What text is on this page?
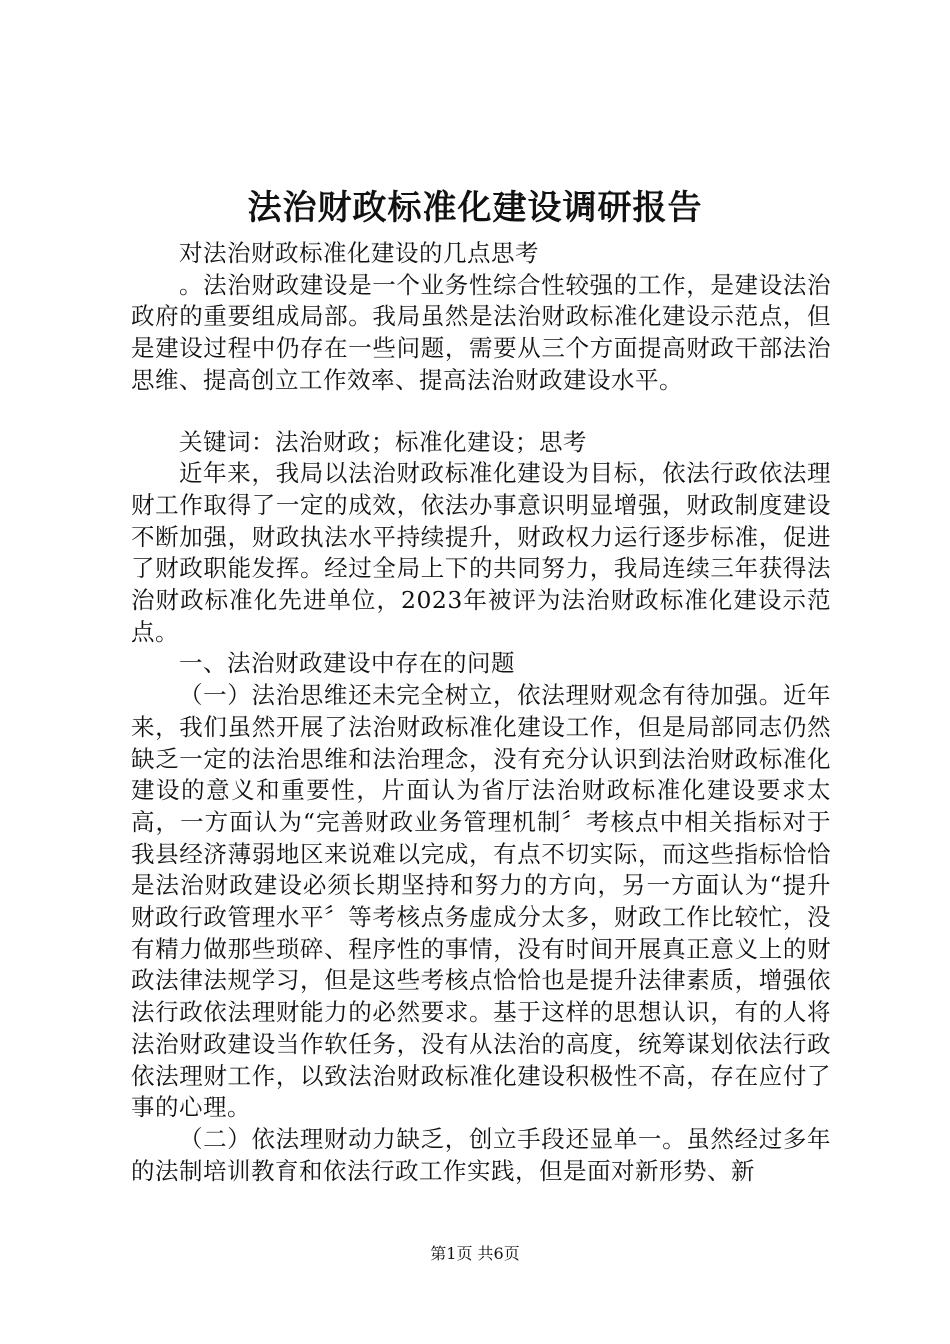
法治财政标准化建设调研报告

对法治财政标准化建设的几点思考

。法治财政建设是一个业务性综合性较强的工作，是建设法治政府的重要组成局部。我局虽然是法治财政标准化建设示范点，但是建设过程中仍存在一些问题，需要从三个方面提高财政干部法治思维、提高创立工作效率、提高法治财政建设水平。

关键词：法治财政；标准化建设；思考

近年来，我局以法治财政标准化建设为目标，依法行政依法理财工作取得了一定的成效，依法办事意识明显增强，财政制度建设不断加强，财政执法水平持续提升，财政权力运行逐步标准，促进了财政职能发挥。经过全局上下的共同努力，我局连续三年获得法治财政标准化先进单位，2023年被评为法治财政标准化建设示范点。

一、法治财政建设中存在的问题

（一）法治思维还未完全树立，依法理财观念有待加强。近年来，我们虽然开展了法治财政标准化建设工作，但是局部同志仍然缺乏一定的法治思维和法治理念，没有充分认识到法治财政标准化建设的意义和重要性，片面认为省厅法治财政标准化建设要求太高，一方面认为“完善财政业务管理机制〞考核点中相关指标对于我县经济薄弱地区来说难以完成，有点不切实际，而这些指标恰恰是法治财政建设必须长期坚持和努力的方向，另一方面认为“提升财政行政管理水平〞等考核点务虚成分太多，财政工作比较忙，没有精力做那些琐碎、程序性的事情，没有时间开展真正意义上的财政法律法规学习，但是这些考核点恰恰也是提升法律素质，增强依法行政依法理财能力的必然要求。基于这样的思想认识，有的人将法治财政建设当作软任务，没有从法治的高度，统筹谋划依法行政依法理财工作，以致法治财政标准化建设积极性不高，存在应付了事的心理。

（二）依法理财动力缺乏，创立手段还显单一。虽然经过多年的法制培训教育和依法行政工作实践，但是面对新形势、新

第1页 共6页
